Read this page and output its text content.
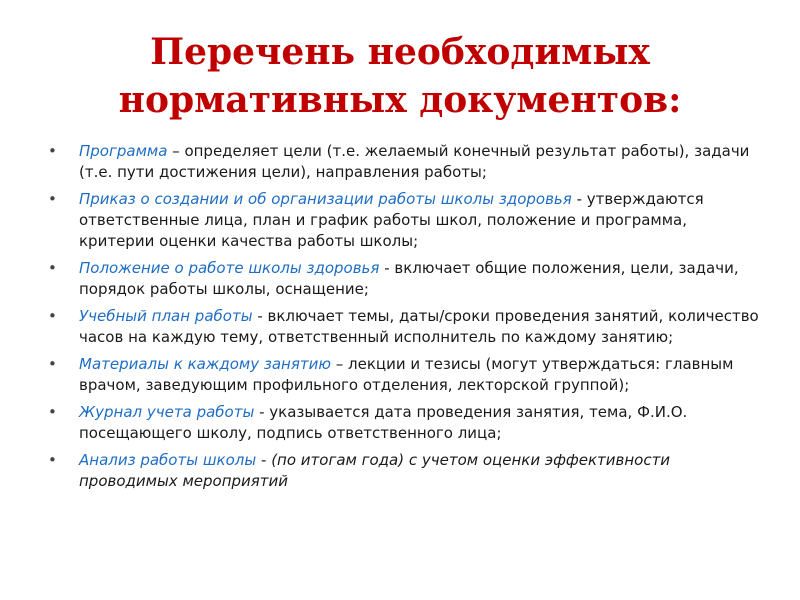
Перечень необходимых
нормативных документов:
• Программа – определяет цели (т.е. желаемый конечный результат работы), задачи (т.е. пути достижения цели), направления работы;
• Приказ о создании и об организации работы школы здоровья - утверждаются ответственные лица, план и график работы школ, положение и программа, критерии оценки качества работы школы;
• Положение о работе школы здоровья - включает общие положения, цели, задачи, порядок работы школы, оснащение;
• Учебный план работы - включает темы, даты/сроки проведения занятий, количество часов на каждую тему, ответственный исполнитель по каждому занятию;
• Материалы к каждому занятию – лекции и тезисы (могут утверждаться: главным врачом, заведующим профильного отделения, лекторской группой);
• Журнал учета работы - указывается дата проведения занятия, тема, Ф.И.О. посещающего школу, подпись ответственного лица;
• Анализ работы школы - (по итогам года) с учетом оценки эффективности проводимых мероприятий
